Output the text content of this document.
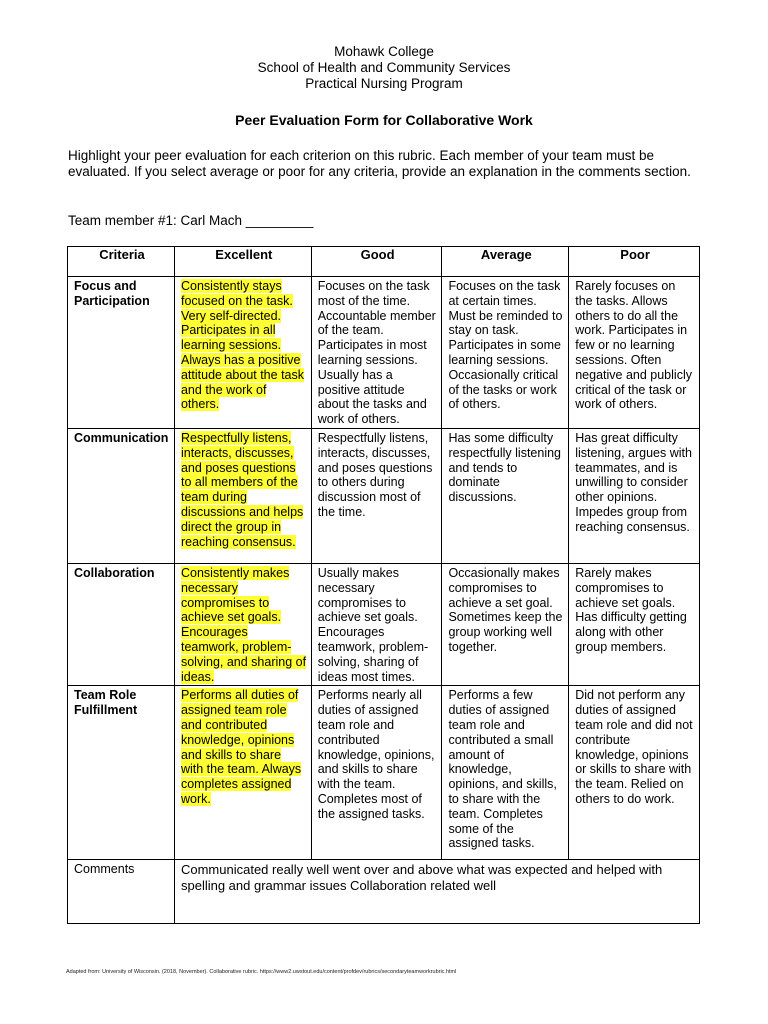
Mohawk College
School of Health and Community Services
Practical Nursing Program
Peer Evaluation Form for Collaborative Work
Highlight your peer evaluation for each criterion on this rubric. Each member of your team must be evaluated. If you select average or poor for any criteria, provide an explanation in the comments section.
Team member #1: Carl Mach _________
Criteria	Excellent	Good	Average	Poor
Focus and Participation	Consistently stays focused on the task. Very self-directed. Participates in all learning sessions. Always has a positive attitude about the task and the work of others.	Focuses on the task most of the time. Accountable member of the team. Participates in most learning sessions. Usually has a positive attitude about the tasks and work of others.	Focuses on the task at certain times. Must be reminded to stay on task. Participates in some learning sessions. Occasionally critical of the tasks or work of others.	Rarely focuses on the tasks. Allows others to do all the work. Participates in few or no learning sessions. Often negative and publicly critical of the task or work of others.
Communication	Respectfully listens, interacts, discusses, and poses questions to all members of the team during discussions and helps direct the group in reaching consensus.	Respectfully listens, interacts, discusses, and poses questions to others during discussion most of the time.	Has some difficulty respectfully listening and tends to dominate discussions.	Has great difficulty listening, argues with teammates, and is unwilling to consider other opinions. Impedes group from reaching consensus.
Collaboration	Consistently makes necessary compromises to achieve set goals. Encourages teamwork, problem-solving, and sharing of ideas.	Usually makes necessary compromises to achieve set goals. Encourages teamwork, problem-solving, sharing of ideas most times.	Occasionally makes compromises to achieve a set goal. Sometimes keep the group working well together.	Rarely makes compromises to achieve set goals. Has difficulty getting along with other group members.
Team Role Fulfillment	Performs all duties of assigned team role and contributed knowledge, opinions and skills to share with the team. Always completes assigned work.	Performs nearly all duties of assigned team role and contributed knowledge, opinions, and skills to share with the team. Completes most of the assigned tasks.	Performs a few duties of assigned team role and contributed a small amount of knowledge, opinions, and skills, to share with the team. Completes some of the assigned tasks.	Did not perform any duties of assigned team role and did not contribute knowledge, opinions or skills to share with the team. Relied on others to do work.
Comments	Communicated really well went over and above what was expected and helped with spelling and grammar issues Collaboration related well			
Adapted from: University of Wisconsin. (2018, November). Collaborative rubric. https://www2.uwstout.edu/content/profdev/rubrics/secondaryteamworkrubric.html
